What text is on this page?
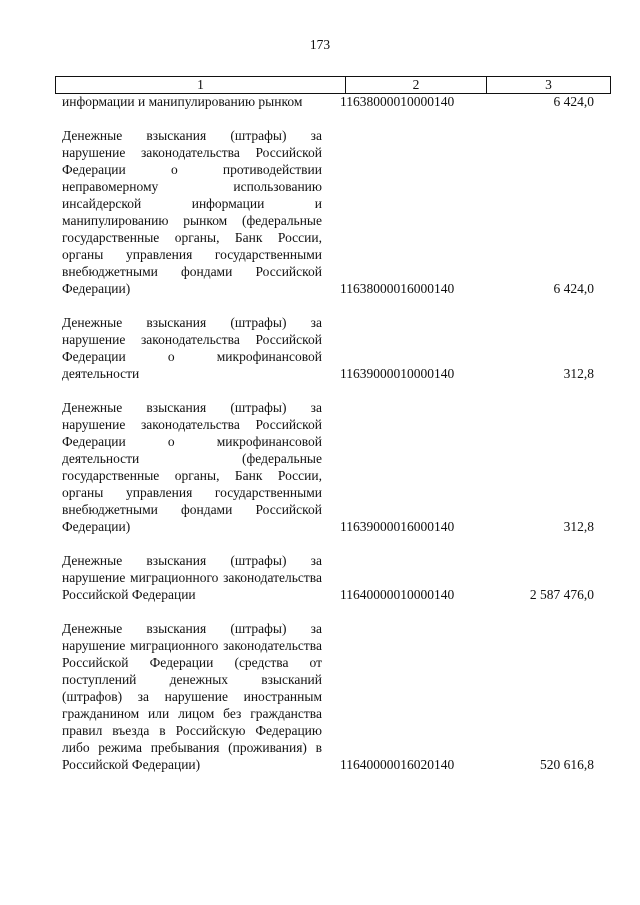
173
1	2	3
информации и манипулированию рынком	11638000010000140	6 424,0
Денежные взыскания (штрафы) за нарушение законодательства Российской Федерации о противодействии неправомерному использованию инсайдерской информации и манипулированию рынком (федеральные государственные органы, Банк России, органы управления государственными внебюджетными фондами Российской Федерации)	11638000016000140	6 424,0
Денежные взыскания (штрафы) за нарушение законодательства Российской Федерации о микрофинансовой деятельности	11639000010000140	312,8
Денежные взыскания (штрафы) за нарушение законодательства Российской Федерации о микрофинансовой деятельности (федеральные государственные органы, Банк России, органы управления государственными внебюджетными фондами Российской Федерации)	11639000016000140	312,8
Денежные взыскания (штрафы) за нарушение миграционного законодательства Российской Федерации	11640000010000140	2 587 476,0
Денежные взыскания (штрафы) за нарушение миграционного законодательства Российской Федерации (средства от поступлений денежных взысканий (штрафов) за нарушение иностранным гражданином или лицом без гражданства правил въезда в Российскую Федерацию либо режима пребывания (проживания) в Российской Федерации)	11640000016020140	520 616,8
